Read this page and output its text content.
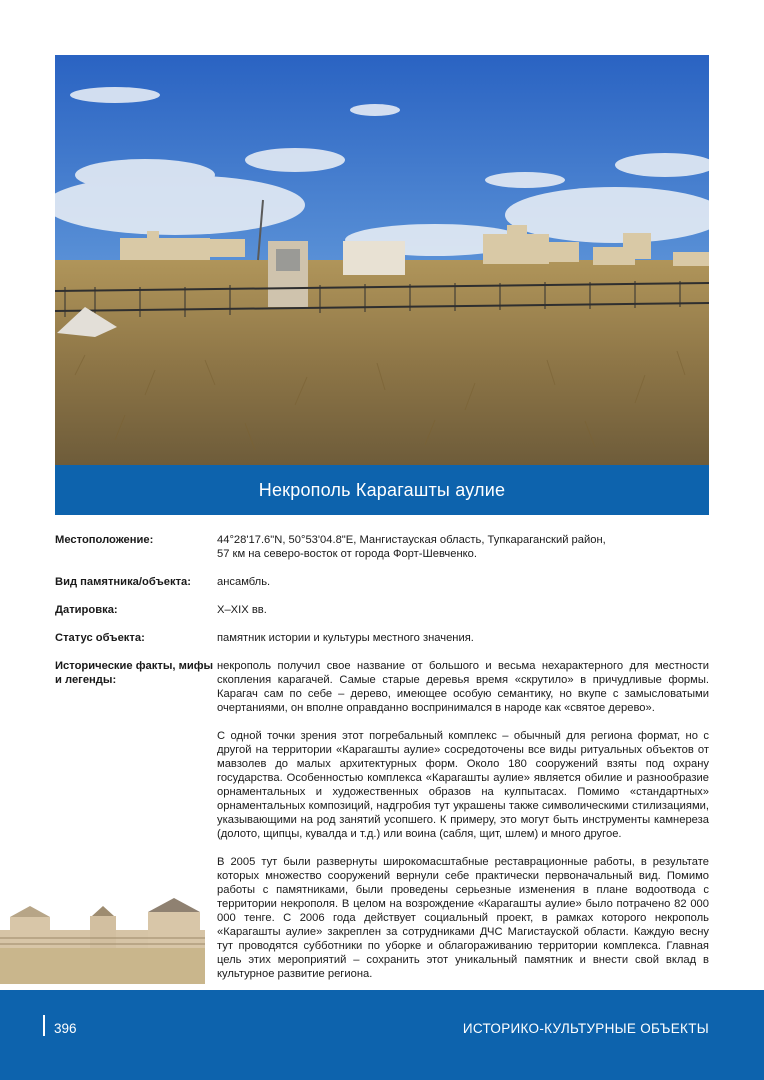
Некрополь Карагашты аулие
Местоположение:	44°28'17.6"N, 50°53'04.8"E, Мангистауская область, Тупкараганский район,
57 км на северо-восток от города Форт-Шевченко.
Вид памятника/объекта:	ансамбль.
Датировка:	X–XIX вв.
Статус объекта:	памятник истории и культуры местного значения.
Исторические факты, мифы и легенды:

некрополь получил свое название от большого и весьма нехарактерного для местности скопления карагачей. Самые старые деревья время «скрутило» в причудливые формы. Карагач сам по себе – дерево, имеющее особую семантику, но вкупе с замысловатыми очертаниями, он вполне оправданно воспринимался в народе как «святое дерево».

С одной точки зрения этот погребальный комплекс – обычный для региона формат, но с другой на территории «Карагашты аулие» сосредоточены все виды ритуальных объектов от мавзолев до малых архитектурных форм. Около 180 сооружений взяты под охрану государства. Особенностью комплекса «Карагашты аулие» является обилие и разнообразие орнаментальных и художественных образов на кулпытасах. Помимо «стандартных» орнаментальных композиций, надгробия тут украшены также символическими стилизациями, указывающими на род занятий усопшего. К примеру, это могут быть инструменты камнереза (долото, щипцы, кувалда и т.д.) или воина (сабля, щит, шлем) и много другое.

В 2005 тут были развернуты широкомасштабные реставрационные работы, в результате которых множество сооружений вернули себе практически первоначальный вид. Помимо работы с памятниками, были проведены серьезные изменения в плане водоотвода с территории некрополя. В целом на возрождение «Карагашты аулие» было потрачено 82 000 000 тенге. С 2006 года действует социальный проект, в рамках которого некрополь «Карагашты аулие» закреплен за сотрудниками ДЧС Магистауской области. Каждую весну тут проводятся субботники по уборке и облагораживанию территории комплекса. Главная цель этих мероприятий – сохранить этот уникальный памятник и внести свой вклад в культурное развитие региона.

396	ИСТОРИКО-КУЛЬТУРНЫЕ ОБЪЕКТЫ
